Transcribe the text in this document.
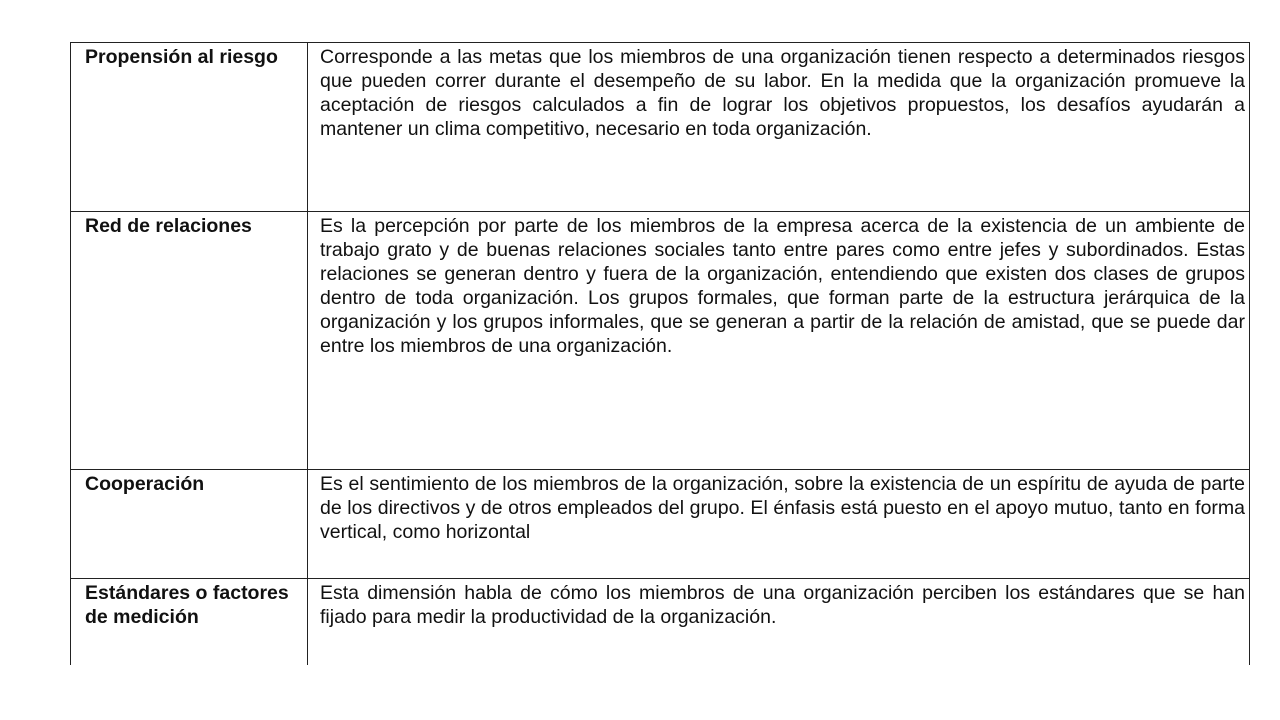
Propensión al riesgo	Corresponde a las metas que los miembros de una organización tienen respecto a determinados riesgos que pueden correr durante el desempeño de su labor. En la medida que la organización promueve la aceptación de riesgos calculados a fin de lograr los objetivos propuestos, los desafíos ayudarán a mantener un clima competitivo, necesario en toda organización.
Red de relaciones	Es la percepción por parte de los miembros de la empresa acerca de la existencia de un ambiente de trabajo grato y de buenas relaciones sociales tanto entre pares como entre jefes y subordinados. Estas relaciones se generan dentro y fuera de la organización, entendiendo que existen dos clases de grupos dentro de toda organización. Los grupos formales, que forman parte de la estructura jerárquica de la organización y los grupos informales, que se generan a partir de la relación de amistad, que se puede dar entre los miembros de una organización.
Cooperación	Es el sentimiento de los miembros de la organización, sobre la existencia de un espíritu de ayuda de parte de los directivos y de otros empleados del grupo. El énfasis está puesto en el apoyo mutuo, tanto en forma vertical, como horizontal
Estándares o factores de medición	Esta dimensión habla de cómo los miembros de una organización perciben los estándares que se han fijado para medir la productividad de la organización.
